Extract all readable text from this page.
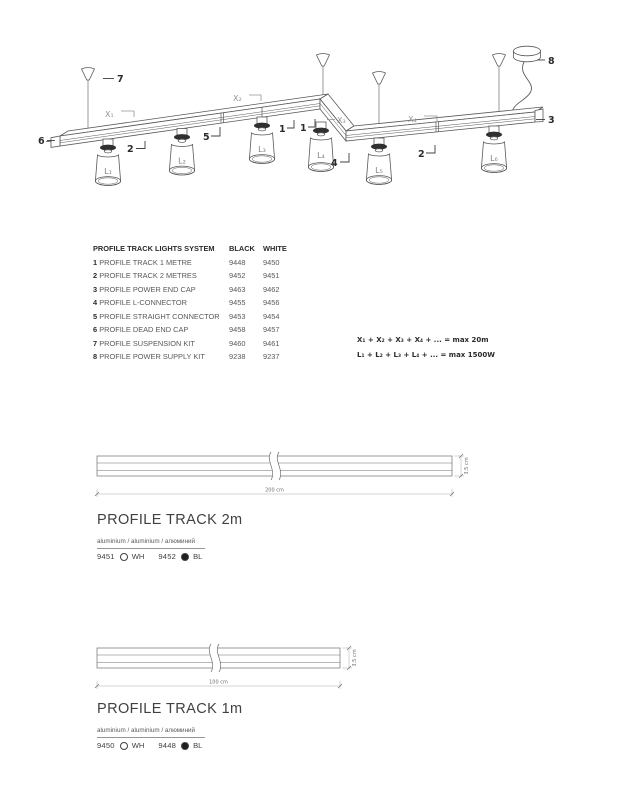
L₁
L₂
L₃
L₄
L₅
L₆
X₁
X₂
X₃	X₄
7
8
3
6
2
5
1 1
4
2
PROFILE TRACK LIGHTS SYSTEM	BLACK	WHITE
1 PROFILE TRACK 1 METRE	9448	9450
2 PROFILE TRACK 2 METRES	9452	9451
3 PROFILE POWER END CAP	9463	9462
4 PROFILE L-CONNECTOR	9455	9456
5 PROFILE STRAIGHT CONNECTOR	9453	9454
6 PROFILE DEAD END CAP	9458	9457
7 PROFILE SUSPENSION KIT	9460	9461
8 PROFILE POWER SUPPLY KIT	9238	9237
X₁ + X₂ + X₃ + X₄ + ... = max 20m
L₁ + L₂ + L₃ + L₄ + ... = max 1500W
3.5 cm
200 cm
PROFILE TRACK 2m
aluminium / aluminium / алюминий
9451 WH 9452 BL
3.5 cm
100 cm
PROFILE TRACK 1m
aluminium / aluminium / алюминий
9450 WH 9448 BL
